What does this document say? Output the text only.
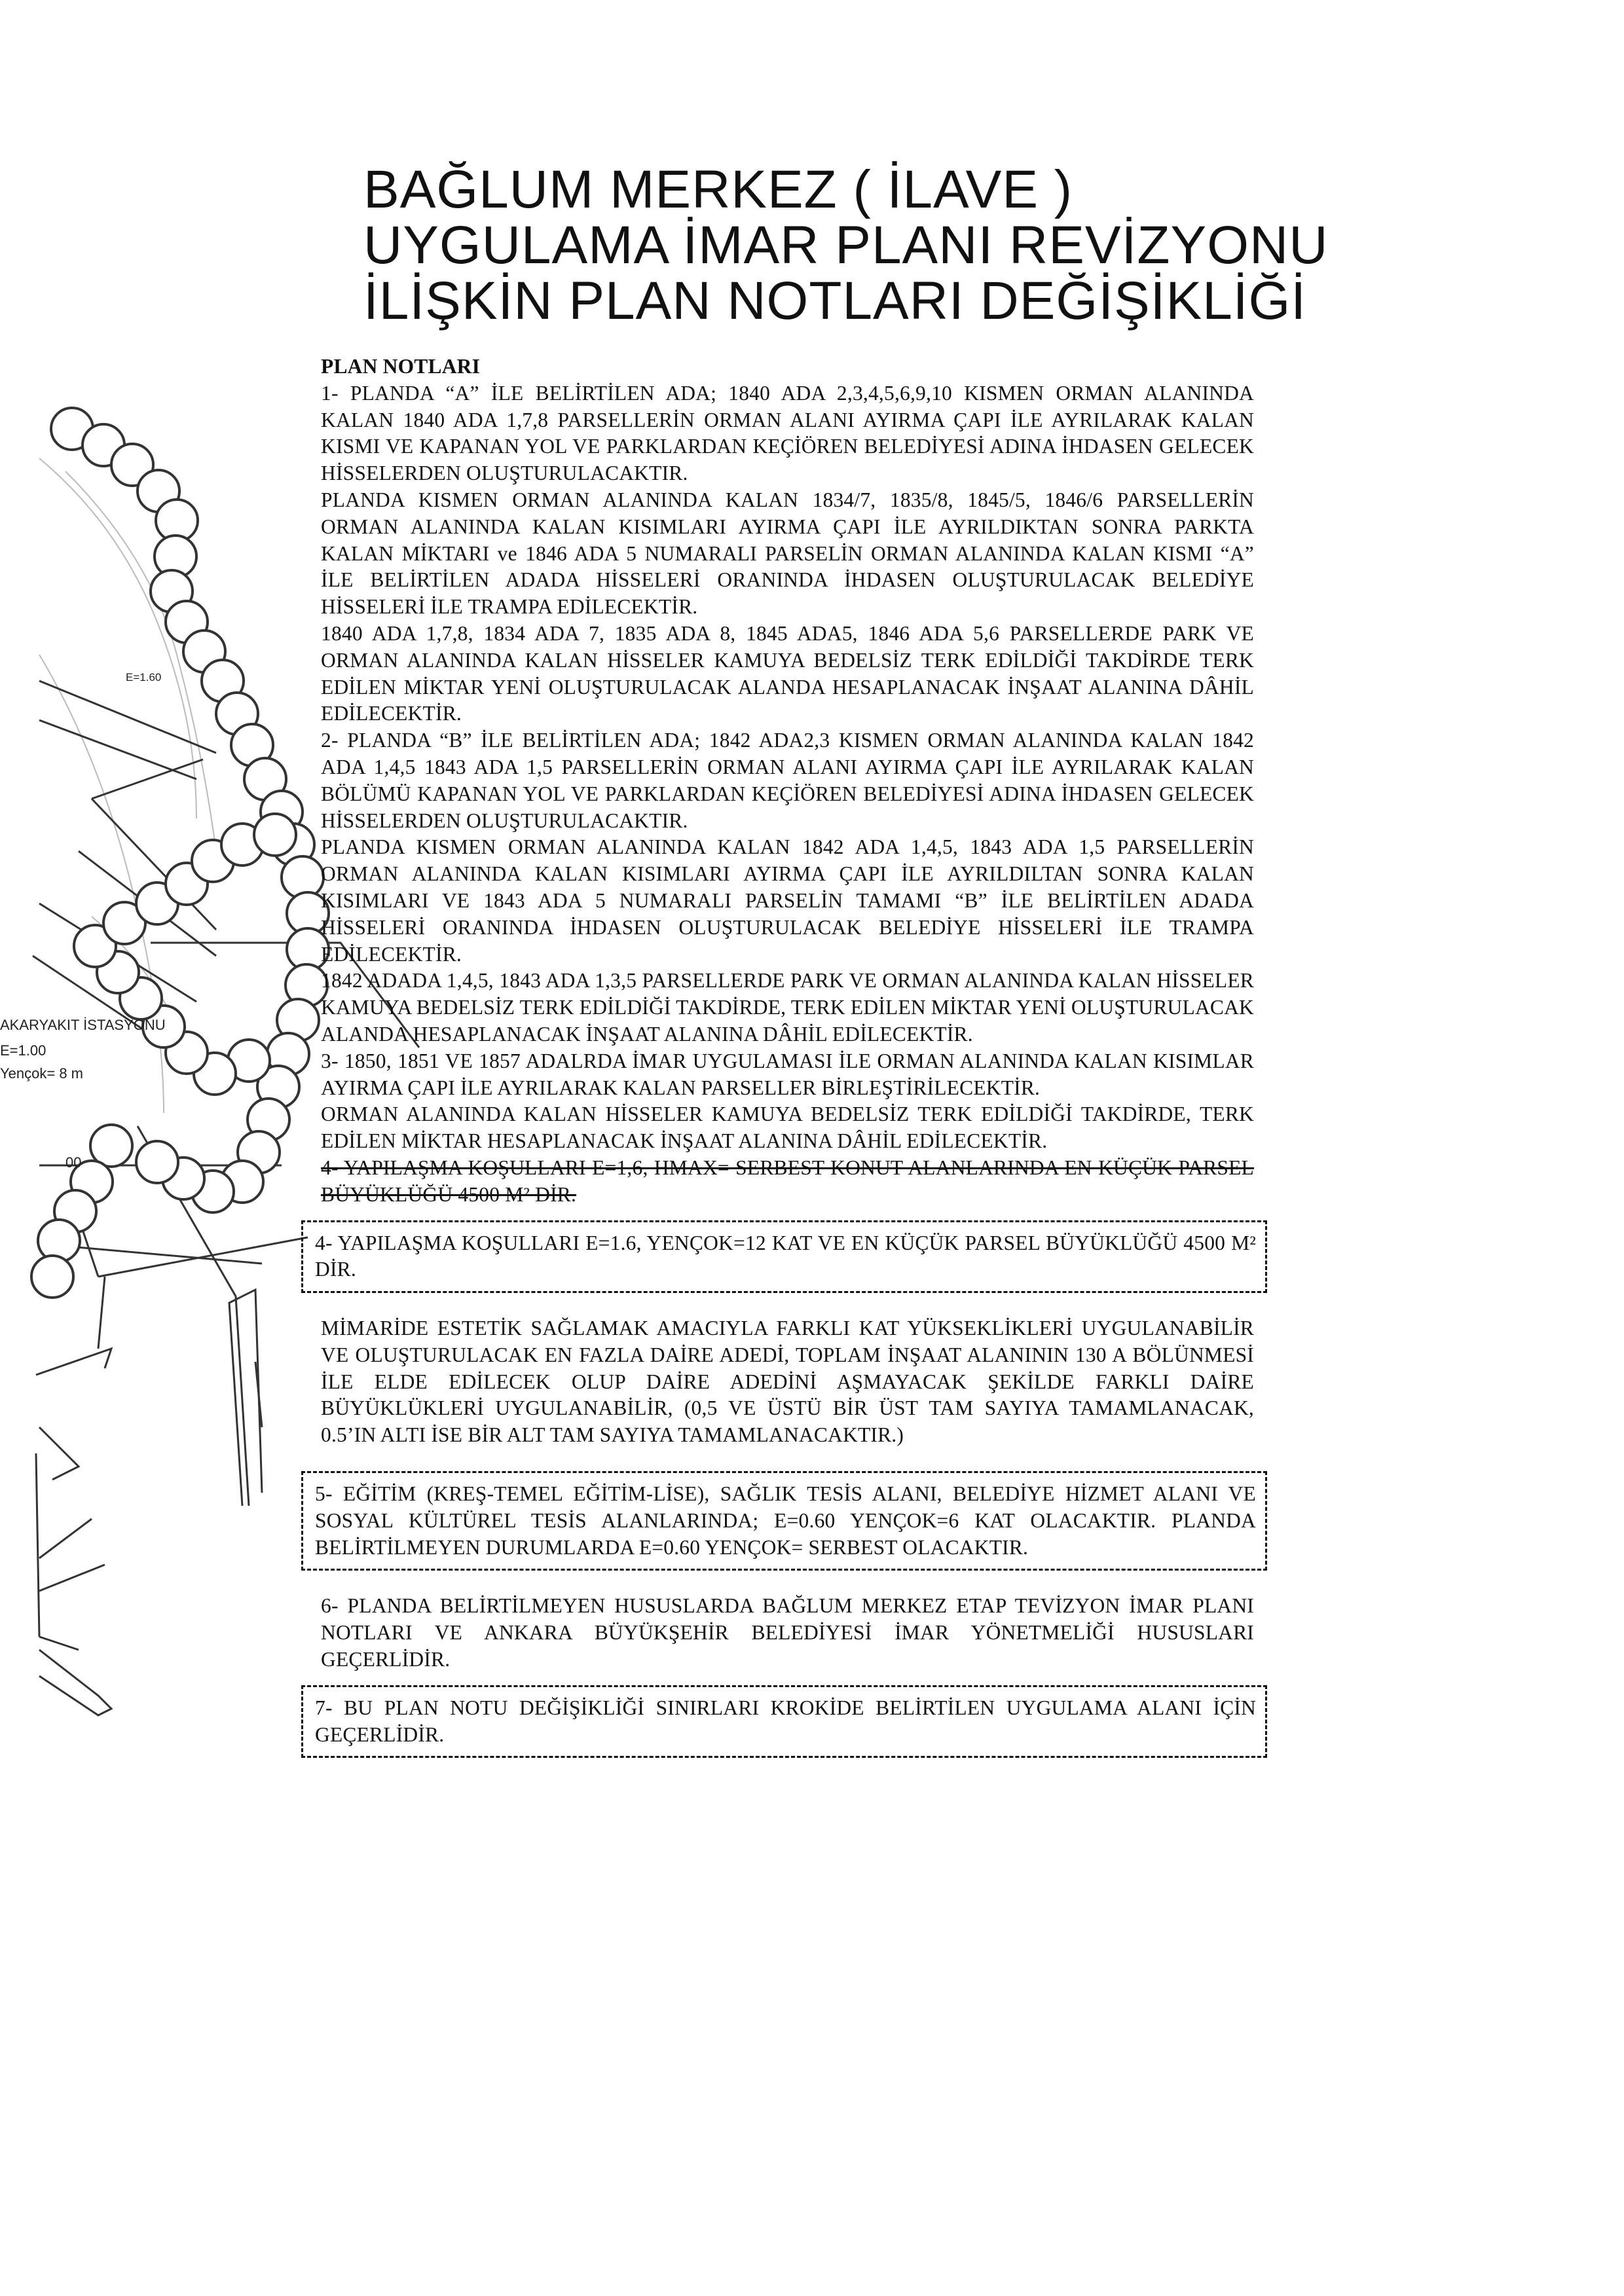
E=1.60
AKARYAKIT İSTASYONU
E=1.00
Yençok= 8 m
00
BAĞLUM MERKEZ ( İLAVE )
UYGULAMA İMAR PLANI REVİZYONU
İLİŞKİN PLAN NOTLARI DEĞİŞİKLİĞİ

PLAN NOTLARI

1- PLANDA “A” İLE BELİRTİLEN ADA; 1840 ADA 2,3,4,5,6,9,10 KISMEN ORMAN ALANINDA KALAN 1840 ADA 1,7,8 PARSELLERİN ORMAN ALANI AYIRMA ÇAPI İLE AYRILARAK KALAN KISMI VE KAPANAN YOL VE PARKLARDAN KEÇİÖREN BELEDİYESİ ADINA İHDASEN GELECEK HİSSELERDEN OLUŞTURULACAKTIR.

PLANDA KISMEN ORMAN ALANINDA KALAN 1834/7, 1835/8, 1845/5, 1846/6 PARSELLERİN ORMAN ALANINDA KALAN KISIMLARI AYIRMA ÇAPI İLE AYRILDIKTAN SONRA PARKTA KALAN MİKTARI ve 1846 ADA 5 NUMARALI PARSELİN ORMAN ALANINDA KALAN KISMI “A” İLE BELİRTİLEN ADADA HİSSELERİ ORANINDA İHDASEN OLUŞTURULACAK BELEDİYE HİSSELERİ İLE TRAMPA EDİLECEKTİR.

1840 ADA 1,7,8, 1834 ADA 7, 1835 ADA 8, 1845 ADA5, 1846 ADA 5,6 PARSELLERDE PARK VE ORMAN ALANINDA KALAN HİSSELER KAMUYA BEDELSİZ TERK EDİLDİĞİ TAKDİRDE TERK EDİLEN MİKTAR YENİ OLUŞTURULACAK ALANDA HESAPLANACAK İNŞAAT ALANINA DÂHİL EDİLECEKTİR.

2- PLANDA “B” İLE BELİRTİLEN ADA; 1842 ADA2,3 KISMEN ORMAN ALANINDA KALAN 1842 ADA 1,4,5 1843 ADA 1,5 PARSELLERİN ORMAN ALANI AYIRMA ÇAPI İLE AYRILARAK KALAN BÖLÜMÜ KAPANAN YOL VE PARKLARDAN KEÇİÖREN BELEDİYESİ ADINA İHDASEN GELECEK HİSSELERDEN OLUŞTURULACAKTIR.

PLANDA KISMEN ORMAN ALANINDA KALAN 1842 ADA 1,4,5, 1843 ADA 1,5 PARSELLERİN ORMAN ALANINDA KALAN KISIMLARI AYIRMA ÇAPI İLE AYRILDILTAN SONRA KALAN KISIMLARI VE 1843 ADA 5 NUMARALI PARSELİN TAMAMI “B” İLE BELİRTİLEN ADADA HİSSELERİ ORANINDA İHDASEN OLUŞTURULACAK BELEDİYE HİSSELERİ İLE TRAMPA EDİLECEKTİR.

1842 ADADA 1,4,5, 1843 ADA 1,3,5 PARSELLERDE PARK VE ORMAN ALANINDA KALAN HİSSELER KAMUYA BEDELSİZ TERK EDİLDİĞİ TAKDİRDE, TERK EDİLEN MİKTAR YENİ OLUŞTURULACAK ALANDA HESAPLANACAK İNŞAAT ALANINA DÂHİL EDİLECEKTİR.

3- 1850, 1851 VE 1857 ADALRDA İMAR UYGULAMASI İLE ORMAN ALANINDA KALAN KISIMLAR AYIRMA ÇAPI İLE AYRILARAK KALAN PARSELLER BİRLEŞTİRİLECEKTİR.

ORMAN ALANINDA KALAN HİSSELER KAMUYA BEDELSİZ TERK EDİLDİĞİ TAKDİRDE, TERK EDİLEN MİKTAR HESAPLANACAK İNŞAAT ALANINA DÂHİL EDİLECEKTİR.

4- YAPILAŞMA KOŞULLARI E=1,6, HMAX= SERBEST KONUT ALANLARINDA EN KÜÇÜK PARSEL BÜYÜKLÜĞÜ 4500 M² DİR.

4- YAPILAŞMA KOŞULLARI E=1.6, YENÇOK=12 KAT VE EN KÜÇÜK PARSEL BÜYÜKLÜĞÜ 4500 M² DİR.

MİMARİDE ESTETİK SAĞLAMAK AMACIYLA FARKLI KAT YÜKSEKLİKLERİ UYGULANABİLİR VE OLUŞTURULACAK EN FAZLA DAİRE ADEDİ, TOPLAM İNŞAAT ALANININ 130 A BÖLÜNMESİ İLE ELDE EDİLECEK OLUP DAİRE ADEDİNİ AŞMAYACAK ŞEKİLDE FARKLI DAİRE BÜYÜKLÜKLERİ UYGULANABİLİR, (0,5 VE ÜSTÜ BİR ÜST TAM SAYIYA TAMAMLANACAK, 0.5’IN ALTI İSE BİR ALT TAM SAYIYA TAMAMLANACAKTIR.)

5- EĞİTİM (KREŞ-TEMEL EĞİTİM-LİSE), SAĞLIK TESİS ALANI, BELEDİYE HİZMET ALANI VE SOSYAL KÜLTÜREL TESİS ALANLARINDA; E=0.60 YENÇOK=6 KAT OLACAKTIR. PLANDA BELİRTİLMEYEN DURUMLARDA E=0.60 YENÇOK= SERBEST OLACAKTIR.

6- PLANDA BELİRTİLMEYEN HUSUSLARDA BAĞLUM MERKEZ ETAP TEVİZYON İMAR PLANI NOTLARI VE ANKARA BÜYÜKŞEHİR BELEDİYESİ İMAR YÖNETMELİĞİ HUSUSLARI GEÇERLİDİR.

7- BU PLAN NOTU DEĞİŞİKLİĞİ SINIRLARI KROKİDE BELİRTİLEN UYGULAMA ALANI İÇİN GEÇERLİDİR.
